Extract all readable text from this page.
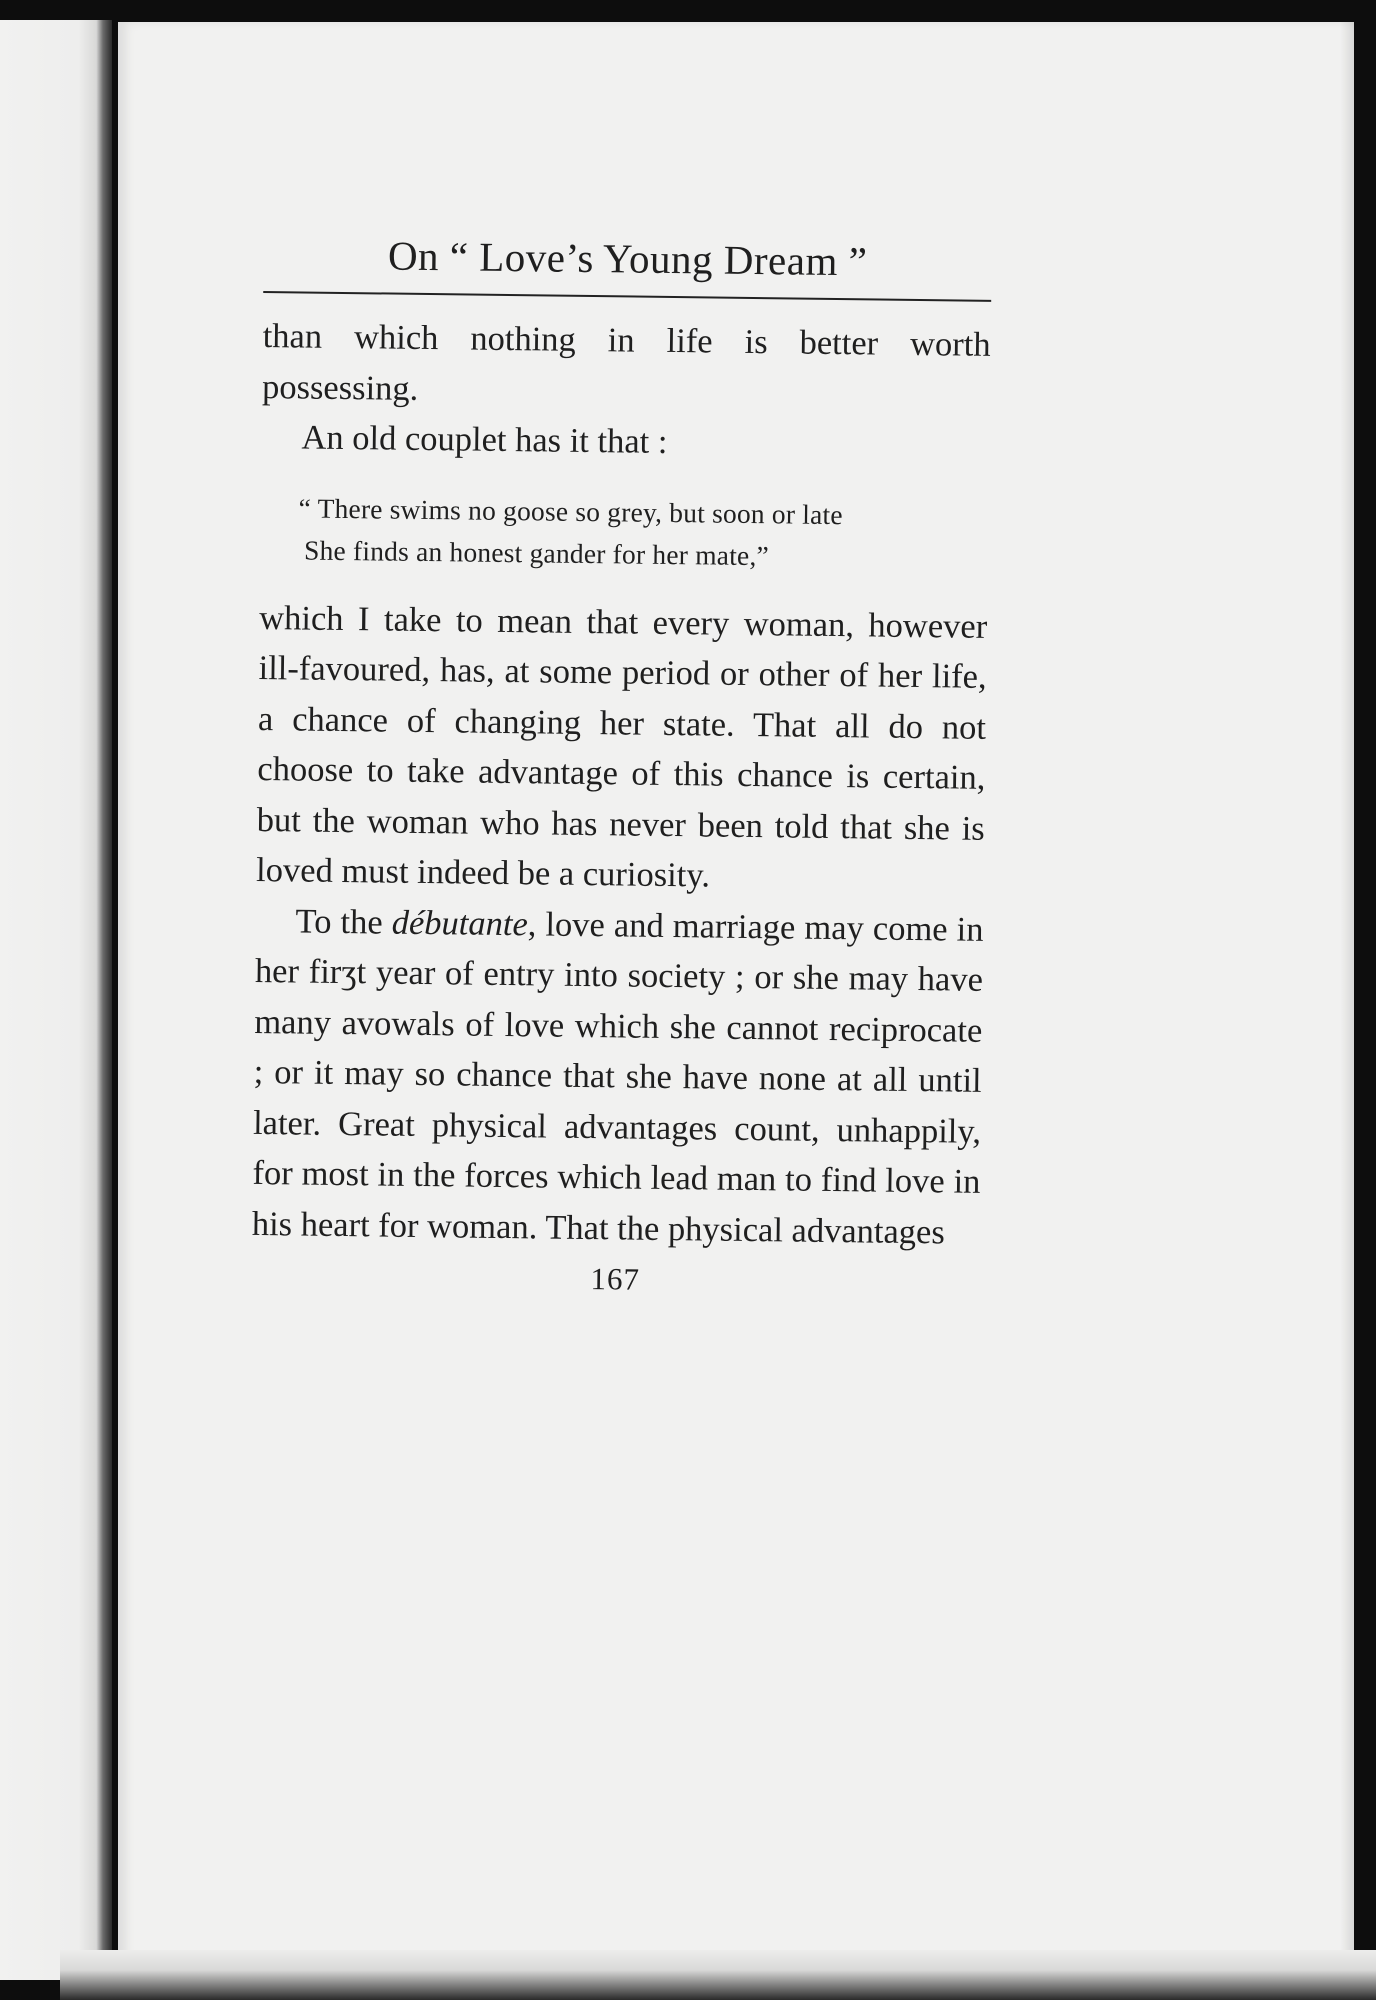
On “ Love’s Young Dream ”

than which nothing in life is better worth possessing.

An old couplet has it that :

“ There swims no goose so grey, but soon or late
She finds an honest gander for her mate,”

which I take to mean that every woman, however ill-favoured, has, at some period or other of her life, a chance of changing her state. That all do not choose to take advantage of this chance is certain, but the woman who has never been told that she is loved must indeed be a curiosity.

To the débutante, love and marriage may come in her firʒt year of entry into society ; or she may have many avowals of love which she cannot reciprocate ; or it may so chance that she have none at all until later. Great physical advantages count, unhappily, for most in the forces which lead man to find love in his heart for woman. That the physical advantages

167
